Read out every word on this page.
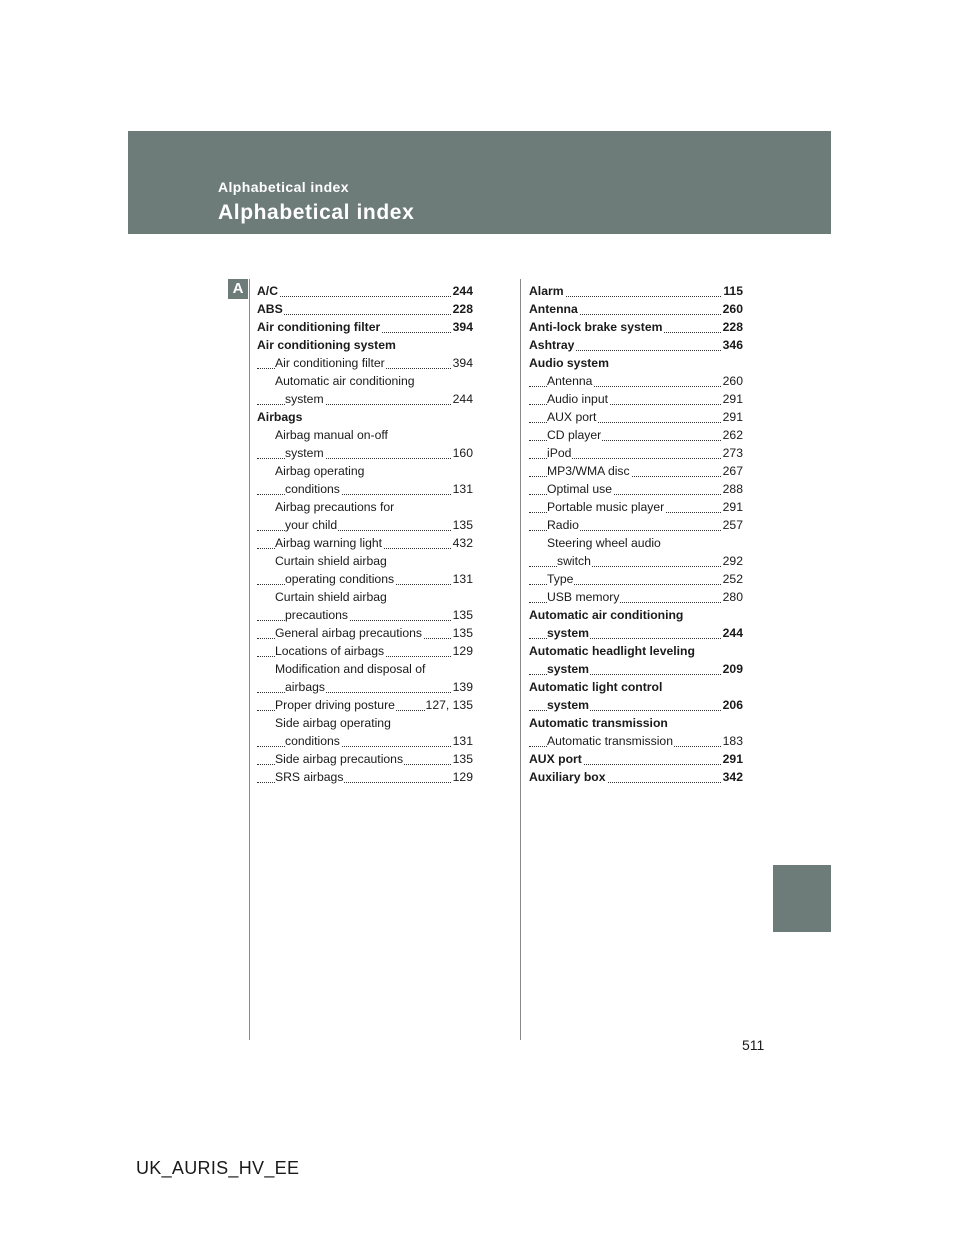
Alphabetical index
Alphabetical index
A	A/C	244
ABS	228
Air conditioning filter	394
Air conditioning system
Air conditioning filter	394
Automatic air conditioning
system	244
Airbags
Airbag manual on-off
system	160
Airbag operating
conditions	131
Airbag precautions for
your child	135
Airbag warning light	432
Curtain shield airbag
operating conditions	131
Curtain shield airbag
precautions	135
General airbag precautions	135
Locations of airbags	129
Modification and disposal of
airbags	139
Proper driving posture	127, 135
Side airbag operating
conditions	131
Side airbag precautions	135
SRS airbags	129
Alarm	115
Antenna	260
Anti-lock brake system	228
Ashtray	346
Audio system
Antenna	260
Audio input	291
AUX port	291
CD player	262
iPod	273
MP3/WMA disc	267
Optimal use	288
Portable music player	291
Radio	257
Steering wheel audio
switch	292
Type	252
USB memory	280
Automatic air conditioning
system	244
Automatic headlight leveling
system	209
Automatic light control
system	206
Automatic transmission
Automatic transmission	183
AUX port	291
Auxiliary box	342
511
UK_AURIS_HV_EE
